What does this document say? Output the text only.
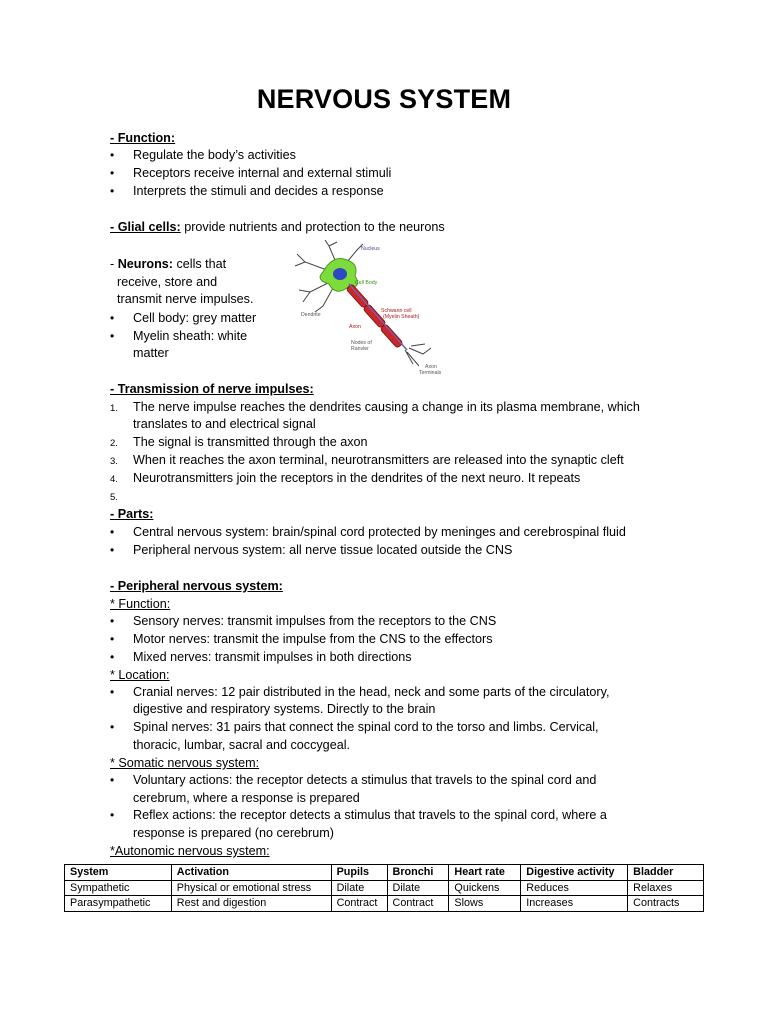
NERVOUS SYSTEM
- Function:
• Regulate the body’s activities
• Receptors receive internal and external stimuli
• Interprets the stimuli and decides a response
- Glial cells: provide nutrients and protection to the neurons
- Neurons: cells that
receive, store and
transmit nerve impulses.
• Cell body: grey matter
• Myelin sheath: white
matter
Nucleus
Cell Body
Schwann cell
(Myelin Sheath)
Dendrite
Axon
Nodes of
Ranvier
Axon
Terminals
- Transmission of nerve impulses:
1. The nerve impulse reaches the dendrites causing a change in its plasma membrane, which
translates to and electrical signal
2. The signal is transmitted through the axon
3. When it reaches the axon terminal, neurotransmitters are released into the synaptic cleft
4. Neurotransmitters join the receptors in the dendrites of the next neuro. It repeats
5.
- Parts:
• Central nervous system: brain/spinal cord protected by meninges and cerebrospinal fluid
• Peripheral nervous system: all nerve tissue located outside the CNS
- Peripheral nervous system:
* Function:
• Sensory nerves: transmit impulses from the receptors to the CNS
• Motor nerves: transmit the impulse from the CNS to the effectors
• Mixed nerves: transmit impulses in both directions
* Location:
• Cranial nerves: 12 pair distributed in the head, neck and some parts of the circulatory,
digestive and respiratory systems. Directly to the brain
• Spinal nerves: 31 pairs that connect the spinal cord to the torso and limbs. Cervical,
thoracic, lumbar, sacral and coccygeal.
* Somatic nervous system:
• Voluntary actions: the receptor detects a stimulus that travels to the spinal cord and
cerebrum, where a response is prepared
• Reflex actions: the receptor detects a stimulus that travels to the spinal cord, where a
response is prepared (no cerebrum)
*Autonomic nervous system:
System	Activation	Pupils	Bronchi	Heart rate	Digestive activity	Bladder
Sympathetic	Physical or emotional stress	Dilate	Dilate	Quickens	Reduces	Relaxes
Parasympathetic	Rest and digestion	Contract	Contract	Slows	Increases	Contracts
